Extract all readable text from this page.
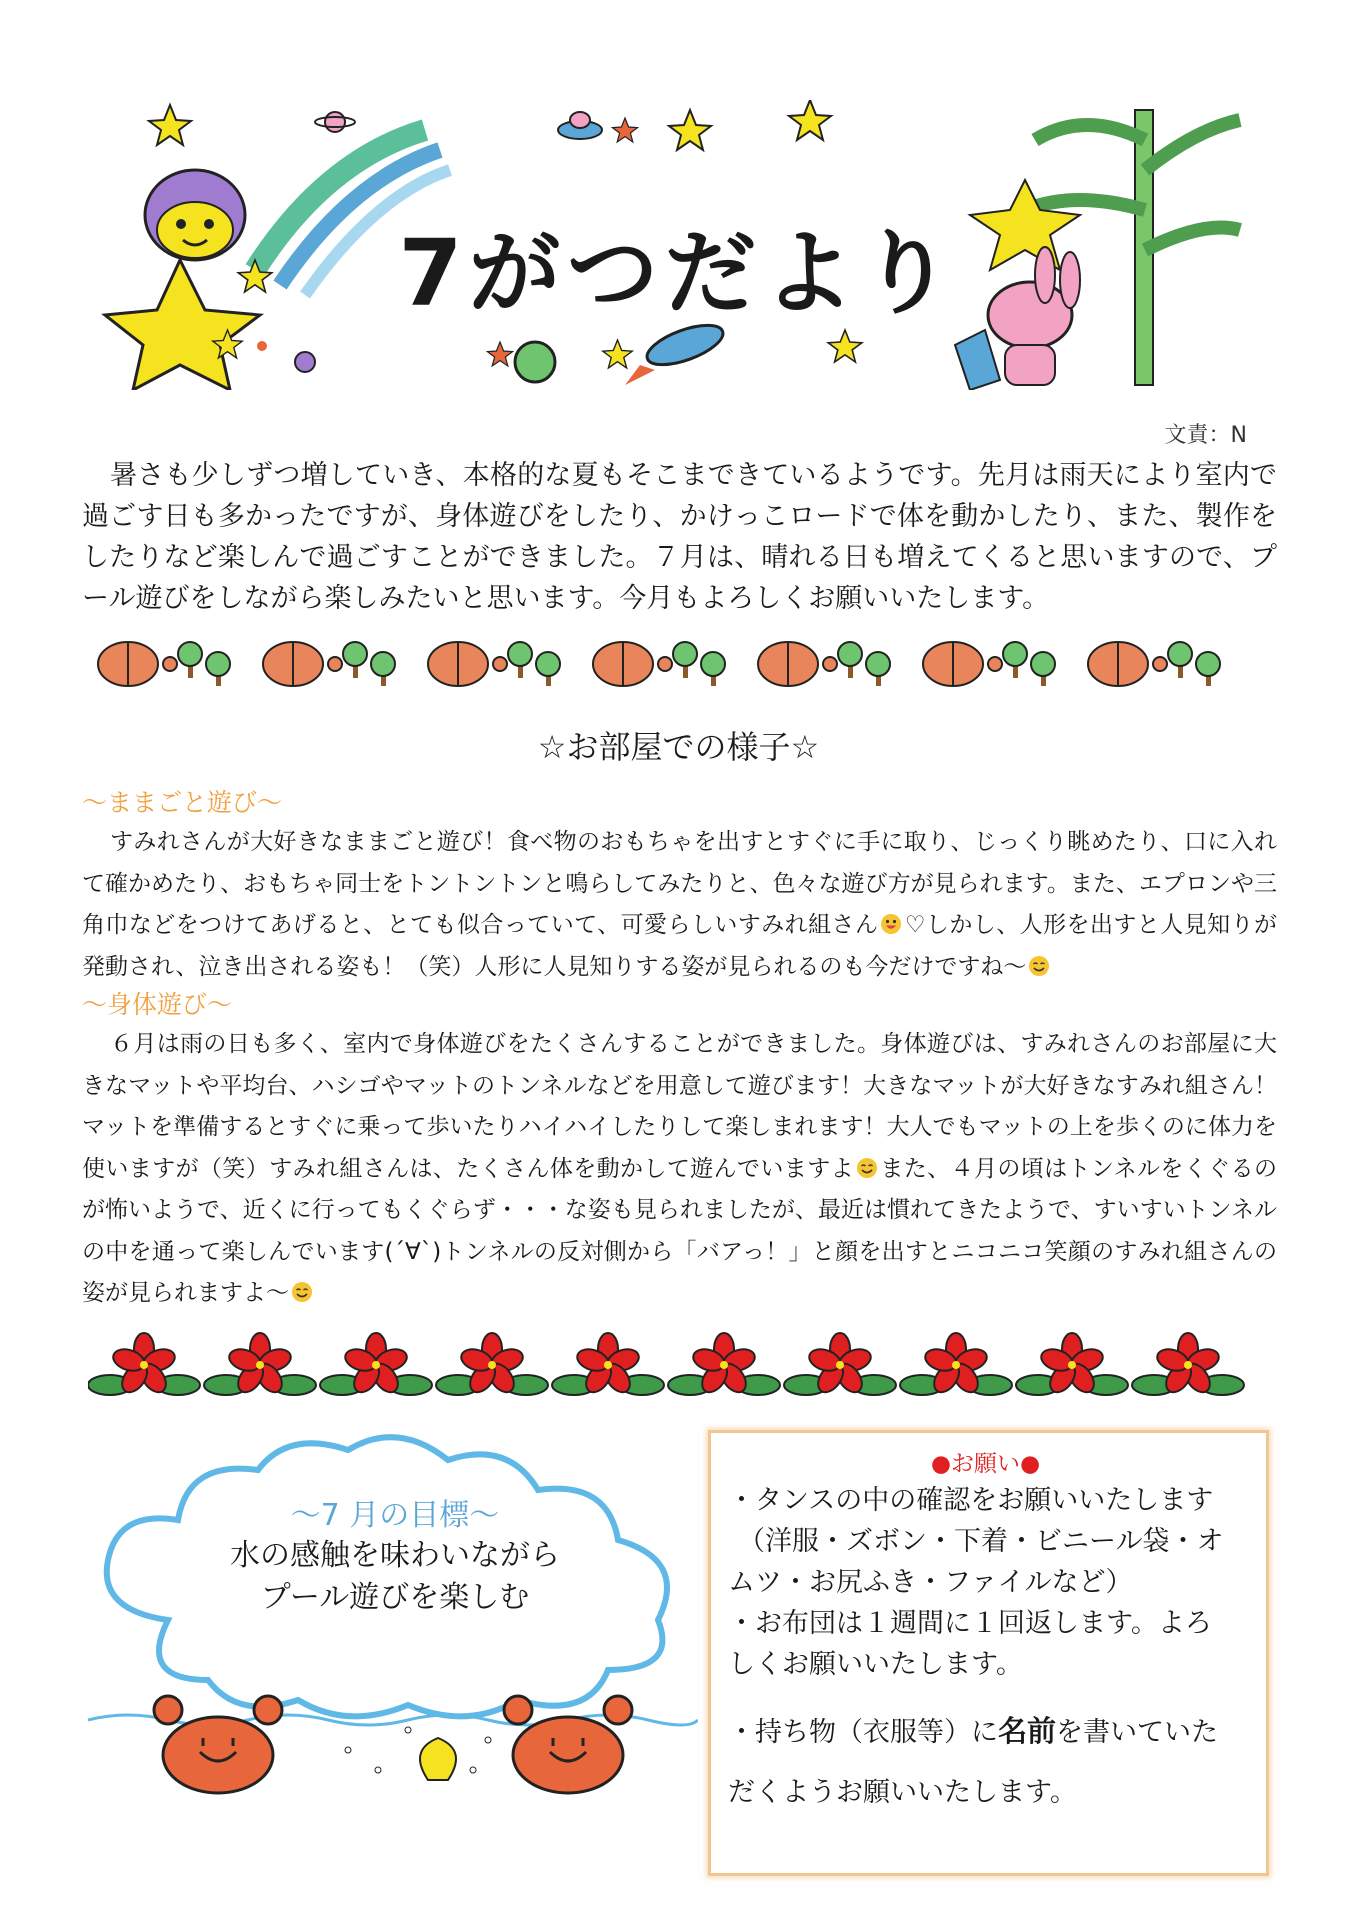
7がつだより
文責：N
暑さも少しずつ増していき、本格的な夏もそこまできているようです。先月は雨天により室内で過ごす日も多かったですが、身体遊びをしたり、かけっこロードで体を動かしたり、また、製作をしたりなど楽しんで過ごすことができました。７月は、晴れる日も増えてくると思いますので、プール遊びをしながら楽しみたいと思います。今月もよろしくお願いいたします。
☆お部屋での様子☆
～ままごと遊び～
すみれさんが大好きなままごと遊び！食べ物のおもちゃを出すとすぐに手に取り、じっくり眺めたり、口に入れて確かめたり、おもちゃ同士をトントントンと鳴らしてみたりと、色々な遊び方が見られます。また、エプロンや三角巾などをつけてあげると、とても似合っていて、可愛らしいすみれ組さん ♡しかし、人形を出すと人見知りが発動され、泣き出される姿も！（笑）人形に人見知りする姿が見られるのも今だけですね～
～身体遊び～
６月は雨の日も多く、室内で身体遊びをたくさんすることができました。身体遊びは、すみれさんのお部屋に大きなマットや平均台、ハシゴやマットのトンネルなどを用意して遊びます！大きなマットが大好きなすみれ組さん！マットを準備するとすぐに乗って歩いたりハイハイしたりして楽しまれます！大人でもマットの上を歩くのに体力を使いますが（笑）すみれ組さんは、たくさん体を動かして遊んでいますよ また、４月の頃はトンネルをくぐるのが怖いようで、近くに行ってもくぐらず・・・な姿も見られましたが、最近は慣れてきたようで、すいすいトンネルの中を通って楽しんでいます(´∀`)トンネルの反対側から「バアっ！」と顔を出すとニコニコ笑顔のすみれ組さんの姿が見られますよ～
～7 月の目標～
水の感触を味わいながら
プール遊びを楽しむ
●お願い●
・タンスの中の確認をお願いいたします
（洋服・ズボン・下着・ビニール袋・オ
ムツ・お尻ふき・ファイルなど）
・お布団は１週間に１回返します。よろ
しくお願いいたします。
・持ち物（衣服等）に名前を書いていた
だくようお願いいたします。
